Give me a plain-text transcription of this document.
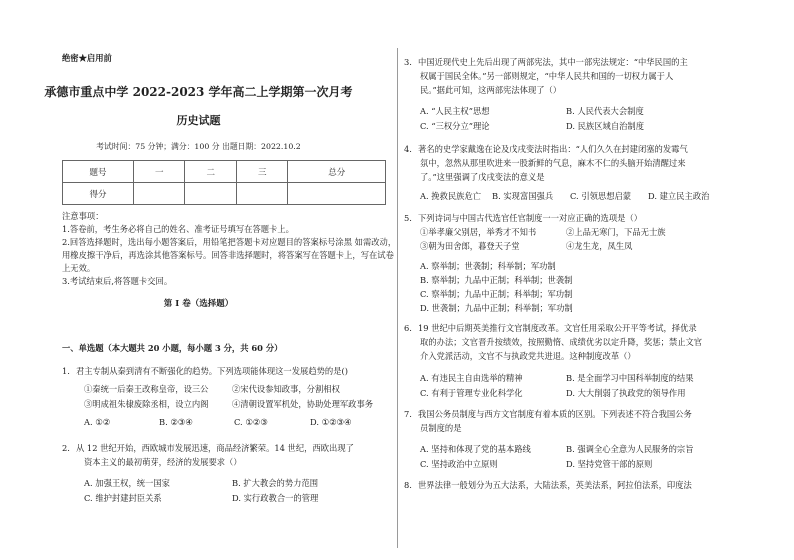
绝密★启用前
承德市重点中学 2022-2023 学年高二上学期第一次月考
历史试题
考试时间：75 分钟；满分：100 分 出题日期：2022.10.2
题号	一	二	三	总分
得分				
注意事项：
1.答卷前，考生务必将自己的姓名、准考证号填写在答题卡上。
2.回答选择题时，选出每小题答案后，用铅笔把答题卡对应题目的答案标号涂黑 如需改动，
用橡皮擦干净后，再选涂其他答案标号。回答非选择题时，将答案写在答题卡上，写在试卷
上无效。
3.考试结束后,将答题卡交回。
第 I 卷（选择题）
一、单选题（本大题共 20 小题，每小题 3 分，共 60 分）
1. 君主专制从秦到清有不断强化的趋势。下列选项能体现这一发展趋势的是()
①秦统一后秦王改称皇帝，设三公	②宋代设参知政事，分割相权
③明成祖朱棣废除丞相，设立内阁	④清朝设置军机处，协助处理军政事务
A. ①②	B. ②③④	C. ①②③	D. ①②③④
2. 从 12 世纪开始，西欧城市发展迅速，商品经济繁荣。14 世纪，西欧出现了
资本主义的最初萌芽，经济的发展要求（）
A. 加强王权，统一国家	B. 扩大教会的势力范围
C. 维护封建封臣关系	D. 实行政教合一的管理
3. 中国近现代史上先后出现了两部宪法，其中一部宪法规定：“中华民国的主
权属于国民全体。”另一部则规定，“中华人民共和国的一切权力属于人
民。”据此可知，这两部宪法体现了（）
A. “人民主权”思想	B. 人民代表大会制度
C. “三权分立”理论	D. 民族区域自治制度
4. 著名的史学家戴逸在论及戊戌变法时指出：“人们久久在封建闭塞的发霉气
氛中，忽然从那里吹进来一股新鲜的气息，麻木不仁的头脑开始清醒过来
了。”这里强调了戊戌变法的意义是
A. 挽救民族危亡 B. 实现富国强兵 C. 引领思想启蒙 D. 建立民主政治
5. 下列诗词与中国古代选官任官制度一一对应正确的选项是（）
①举孝廉父别居，举秀才不知书	②上品无寒门，下品无士族
③朝为田舍郎，暮登天子堂	④龙生龙，凤生凤
A. 察举制；世袭制；科举制；军功制
B. 察举制；九品中正制；科举制；世袭制
C. 察举制；九品中正制；科举制；军功制
D. 世袭制；九品中正制；科举制；军功制
6. 19 世纪中后期英美推行文官制度改革。文官任用采取公开平等考试，择优录
取的办法；文官晋升按绩效，按照勤惰、成绩优劣以定升降，奖惩；禁止文官
介入党派活动，文官不与执政党共进退。这种制度改革（）
A. 有违民主自由选举的精神	B. 是全面学习中国科举制度的结果
C. 有利于管理专业化科学化	D. 大大削弱了执政党的领导作用
7. 我国公务员制度与西方文官制度有着本质的区别。下列表述不符合我国公务
员制度的是
A. 坚持和体现了党的基本路线	B. 强调全心全意为人民服务的宗旨
C. 坚持政治中立原则	D. 坚持党管干部的原则
8. 世界法律一般划分为五大法系，大陆法系，英美法系，阿拉伯法系，印度法
